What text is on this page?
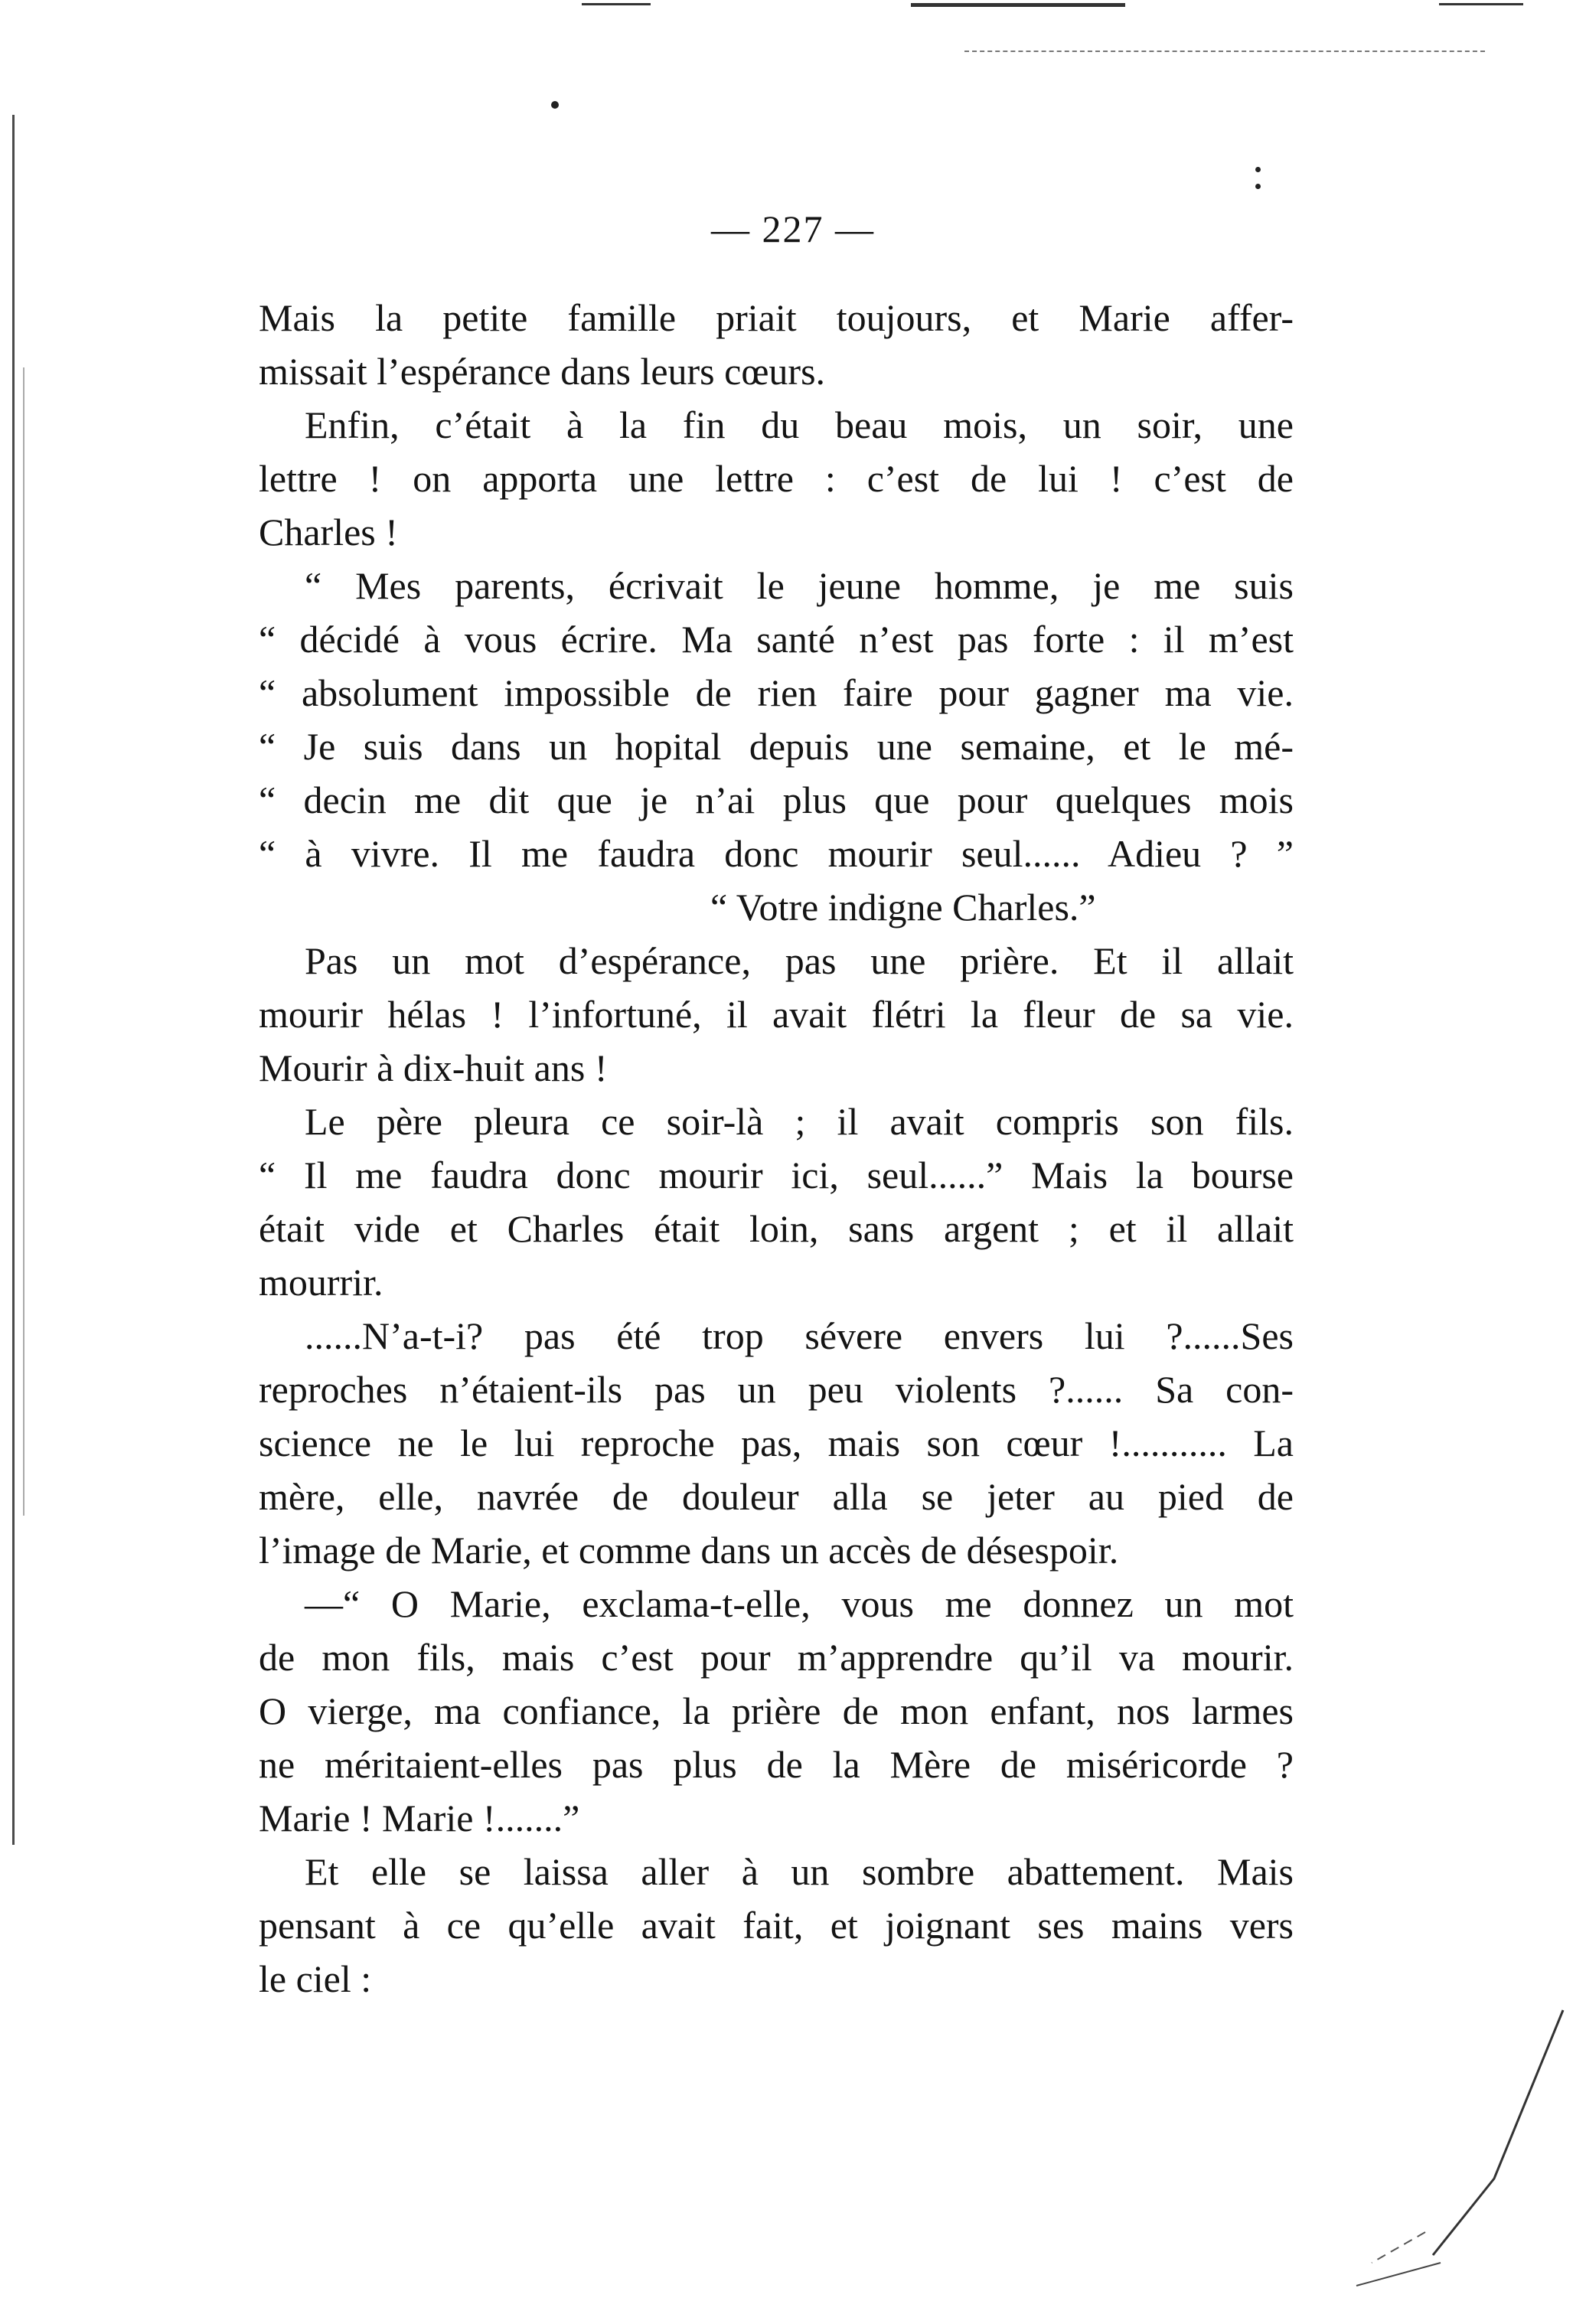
— 227 —
Mais la petite famille priait toujours, et Marie affer-
missait l’espérance dans leurs cœurs.
Enfin, c’était à la fin du beau mois, un soir, une
lettre ! on apporta une lettre : c’est de lui ! c’est de
Charles !
“ Mes parents, écrivait le jeune homme, je me suis
“ décidé à vous écrire. Ma santé n’est pas forte : il m’est
“ absolument impossible de rien faire pour gagner ma vie.
“ Je suis dans un hopital depuis une semaine, et le mé-
“ decin me dit que je n’ai plus que pour quelques mois
“ à vivre. Il me faudra donc mourir seul...... Adieu ? ”
“ Votre indigne Charles.”
Pas un mot d’espérance, pas une prière. Et il allait
mourir hélas ! l’infortuné, il avait flétri la fleur de sa vie.
Mourir à dix-huit ans !
Le père pleura ce soir-là ; il avait compris son fils.
“ Il me faudra donc mourir ici, seul......” Mais la bourse
était vide et Charles était loin, sans argent ; et il allait
mourrir.
......N’a-t-i? pas été trop sévere envers lui ?......Ses
reproches n’étaient-ils pas un peu violents ?...... Sa con-
science ne le lui reproche pas, mais son cœur !........... La
mère, elle, navrée de douleur alla se jeter au pied de
l’image de Marie, et comme dans un accès de désespoir.
—“ O Marie, exclama-t-elle, vous me donnez un mot
de mon fils, mais c’est pour m’apprendre qu’il va mourir.
O vierge, ma confiance, la prière de mon enfant, nos larmes
ne méritaient-elles pas plus de la Mère de miséricorde ?
Marie ! Marie !.......”
Et elle se laissa aller à un sombre abattement. Mais
pensant à ce qu’elle avait fait, et joignant ses mains vers
le ciel :
